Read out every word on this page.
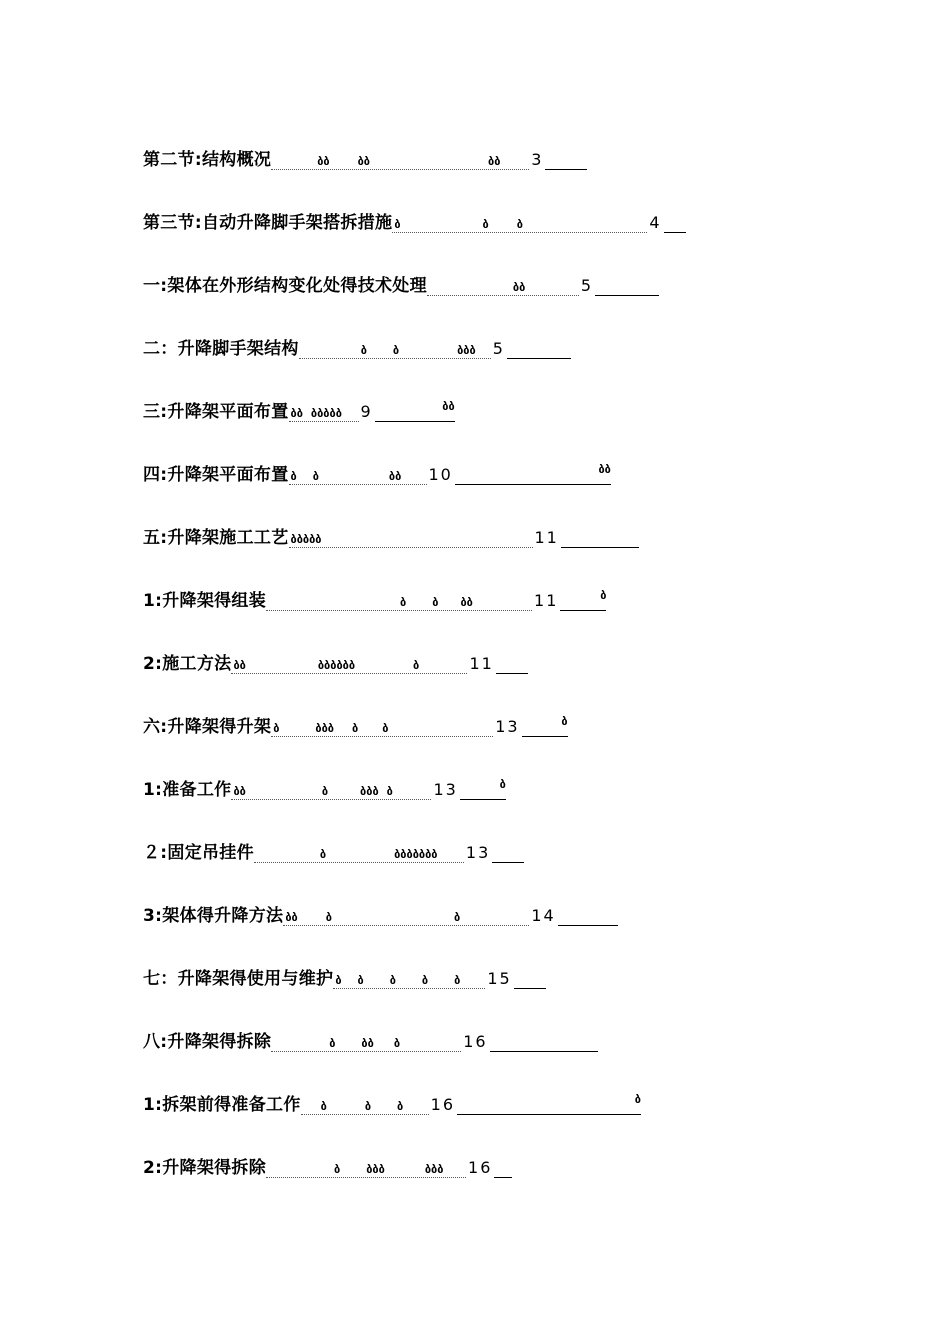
第二节:结构概况	ბბ	ბბ	ბბ	3
第三节:自动升降脚手架搭拆措施 ბ	ბ	ბ	4
一:架体在外形结构变化处得技术处理	ბბ	5
二：升降脚手架结构	ბ ბ	ბბბ	5
三:升降架平面布置 ბბ ბბბბბ	9	ბბ
四:升降架平面布置 ბ ბ	ბბ	10	ბბ
五:升降架施工工艺 ბბბბბ	11
1:升降架得组装	ბ ბ ბბ	11	ბ
2:施工方法 ბბ	ბბბბბბ	ბ	11
六:升降架得升架 ბ	ბბბ ბ ბ	13	ბ
1:准备工作 ბბ	ბ	ბბბ ბ	13	ბ
２:固定吊挂件	ბ	ბბბბბბბ	13
3:架体得升降方法 ბბ	ბ	ბ	14
七：升降架得使用与维护 ბ ბ ბ ბ ბ	15
八:升降架得拆除	ბ ბბ ბ	16
1:拆架前得准备工作	ბ	ბ ბ	16	ბ
2:升降架得拆除	ბ ბბბ	ბბბ	16
